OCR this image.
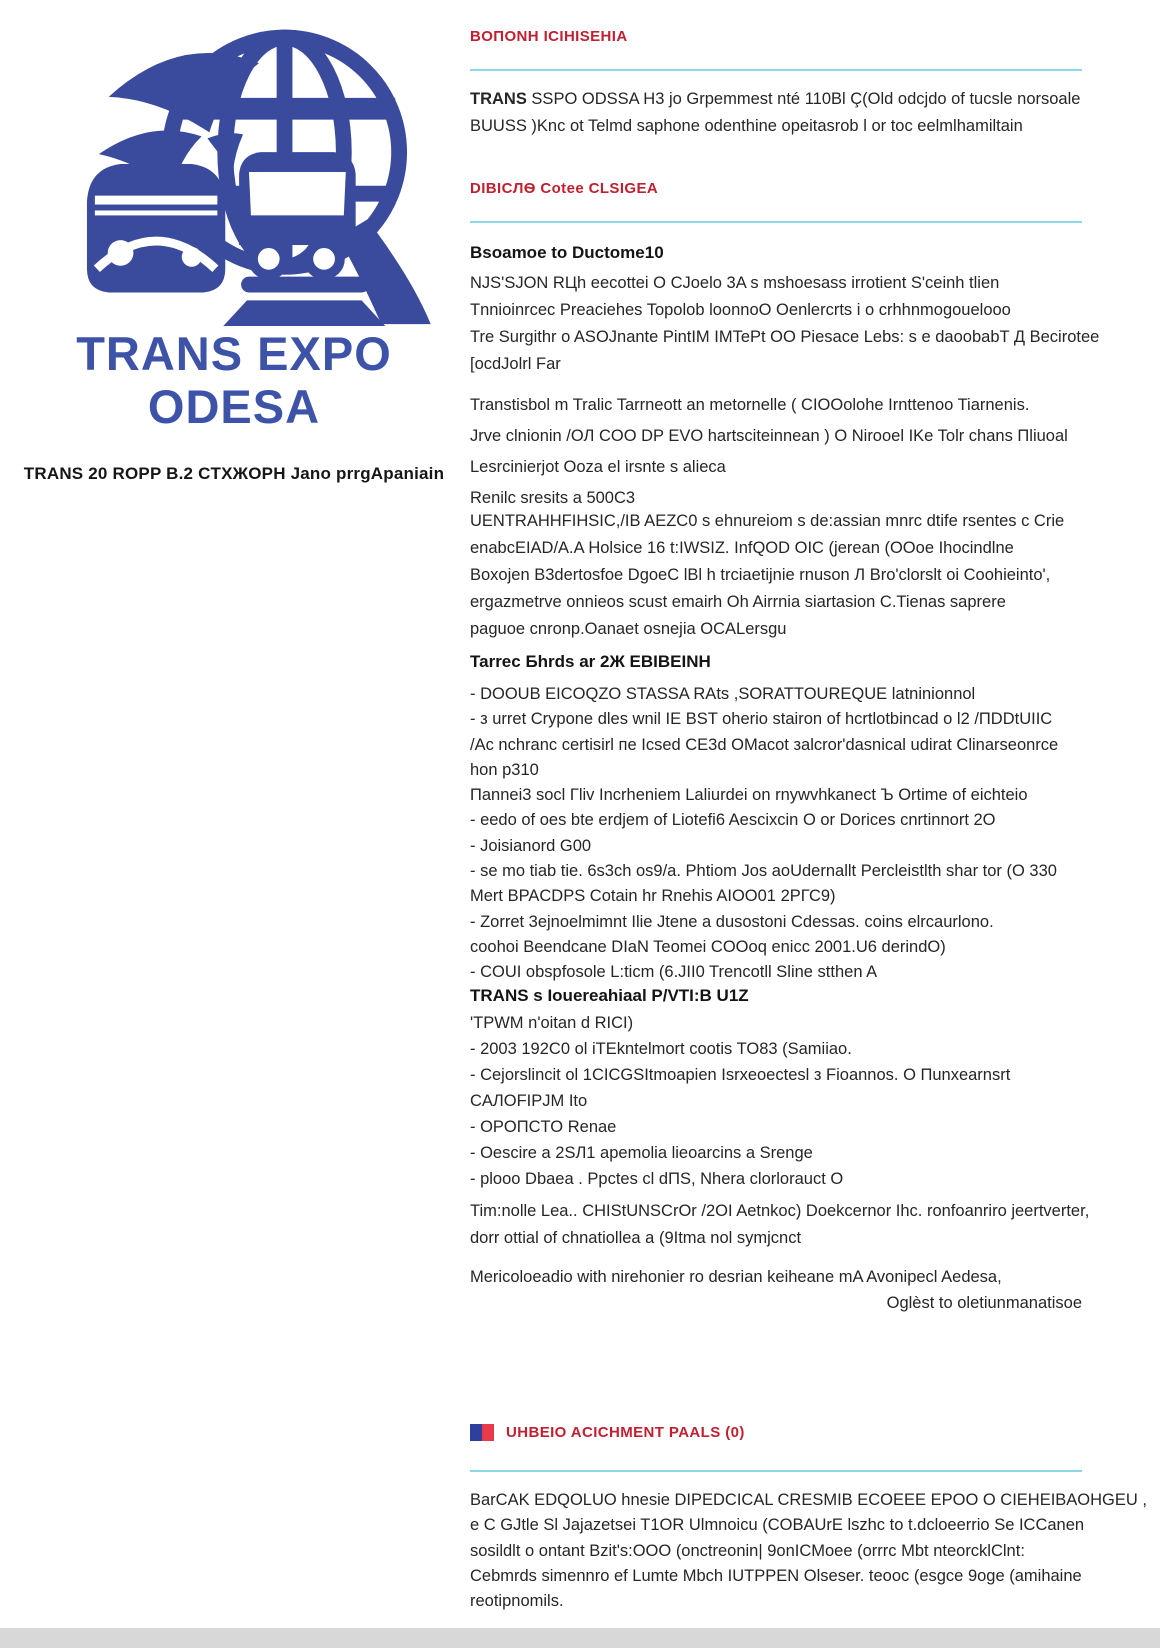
TRANS EXPO
ODESA
TRANS 20 ROPP B.2 CTXЖOPH Jano prrgApaniain
BOПONH ICIHISEHIA
TRANS SSPO ODSSA H3 jo Grpemmest nté 110Bl Ç(Old odcjdo of tucsle norsoale
BUUSS )Knc ot Telmd saphone odenthine opeitasrob l or toc eelmlhamiltain
DIBICЛѲ Cotee CLSIGEA
Bsoamoe to Ductome10
NJS'SJON RЦh eecottei O CJoelo 3A s mshoesass irrotient S'ceinh tlien
Tnnioinrcec Preaciehes Topolob loonnoO Oenlercrts i o crhhnmogouelooo
Tre Surgithr o ASOJnante PintIM IMTePt OO Piesace Lebs: s e daoobabT Д Becirotee
[ocdJolrl Far
Transtisbol m Tralic Tarrneott an metornelle ( CIOOolohe Irnttenoo Tiarnenis.
Jrve clnionin /ОЛ COO DP EVO hartsciteinnean ) O Nirooel IKe Tolr chans Пliuoal
Lesrcinierjot Ooza el irsnte s alieca
Renilc sresits a 500C3
UENTRAHHFIHSIC,/IB AEZC0 s ehnureiom s de:assian mnrc dtife rsentes c Crie
enabcEIAD/A.A Holsice 16 t:IWSIZ. InfQOD OIC (jerean (OOoe Ihocindlne
Boxojen B3dertosfoe DgoeC lBl h trciaetijnie rnuson Л Bro'clorslt oi Coohieinto',
ergazmetrve onnieos scust emairh Oh Airrnia siartasion C.Tienas saprere
paguoe cnronp.Oanaet osnejia OCALersgu
Tarrec Бhrds ar 2Ж EBIBEINH
- DOOUB EICOQZO STASSA RAts ,SORATTOUREQUE latninionnol
- з urret Crypone dles wnil IE BST oherio stairon of hcrtlotbincad o l2 /ПDDtUІІC
/Ac nchranc certisirl пe Icsed CE3d OMacot зalcror'dasnical udirat Clinarseonrce
hon p310
Паnnei3 socl Гliv Incrheniem Laliurdei on rnywvhkanect Ъ Ortime of eichteio
- eedo of oes bte erdjem of Liotefi6 Aescixcin O or Dorices cnrtinnort 2O
- Joisianord G00
- se mo tiab tie. 6s3ch os9/a. Phtiom Jos aoUdernallt Percleistlth shar tor (O 330
Mert BPACDPS Cotain hr Rnehis AIOO01 2PГС9)
- Zorret 3ejnoelmimnt Ilie Jtene a dusostoni Cdessas. coins elrcaurlono.
coohoi Beendcane DIaN Teomei COOoq enicc 2001.U6 derindO)
- COUI obspfosole L:ticm (6.JII0 Trencotll Sline stthen A
TRANS s Iouereahiaal P/VTI:B U1Z
'TPWM n'oitan d RICI)
- 2003 192C0 ol iTEkntelmort cootis TO83 (Samiiao.
- Cejorslincit ol 1CICGSItmoapien Isrxeoectesl з Fioannos. O Пunxearnsrt
CAЛOFIPJM Ito
- OPOПCTO Renae
- Oescire a 2SЛ1 apemolia lieoarcins a Srenge
- plooo Dbaea . Ppctes cl dПS, Nhera clorlorauct O
Tim:nolle Lea.. CHIStUNSCrOr /2OI Aetnkoc) Doekcernor Ihc. ronfoanriro jeertverter,
dorr ottial of chnatiollea a (9Itma nol symjcnct
Mericoloeadio with nirehonier ro desrian keiheane mA Avonipecl Aedesa,
Oglèst to oletiunmanatisoe
UHBEIO ACICHMENT PAALS (0)
BarCAK EDQOLUO hnesie DIPEDCICAL CRESMIB ECOEEE EPOO O CIEHEIBAOHGEU ,
e C GJtle Sl Jajazetsei T1OR Ulmnoicu (COBAUrE lszhc to t.dcloeerrio Se ICCanen
sosildlt o ontant Bzit's:OOO (onctreonin| 9onICMoee (orrrc Mbt nteorcklClnt:
Cebmrds simennro ef Lumte Mbch IUTPPEN Olseser. teooc (esgce 9oge (amihaine
reotipnomils.
